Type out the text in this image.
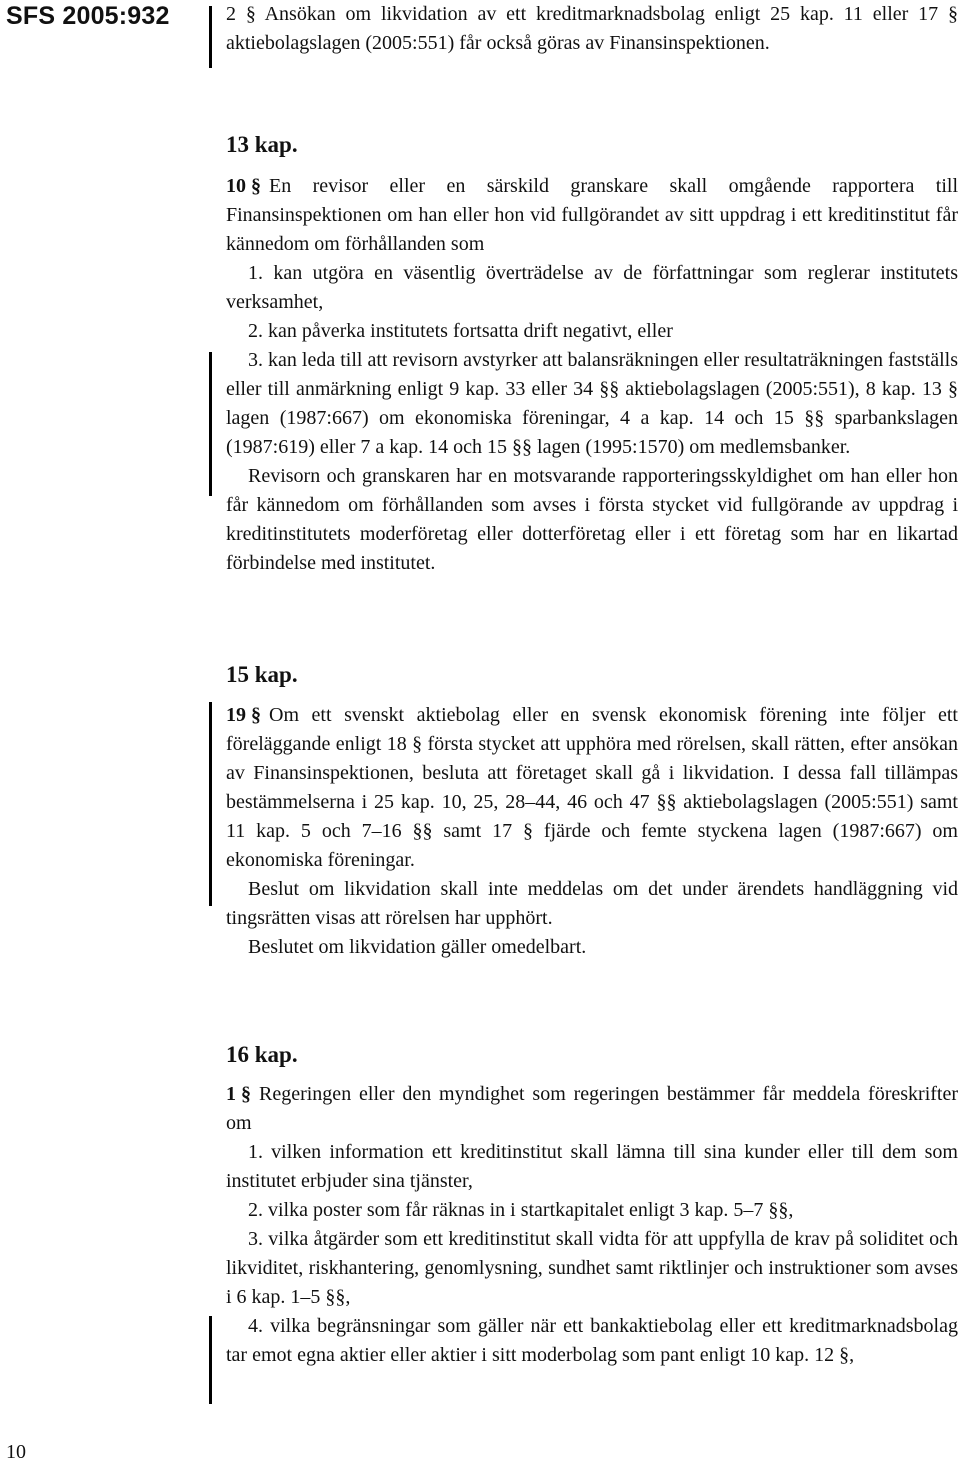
SFS 2005:932
10

2 § Ansökan om likvidation av ett kreditmarknadsbolag enligt 25 kap. 11 eller 17 § aktiebolagslagen (2005:551) får också göras av Finansinspektionen.

13 kap.

10 § En revisor eller en särskild granskare skall omgående rapportera till Finansinspektionen om han eller hon vid fullgörandet av sitt uppdrag i ett kreditinstitut får kännedom om förhållanden som

1. kan utgöra en väsentlig överträdelse av de författningar som reglerar institutets verksamhet,

2. kan påverka institutets fortsatta drift negativt, eller

3. kan leda till att revisorn avstyrker att balansräkningen eller resultaträkningen fastställs eller till anmärkning enligt 9 kap. 33 eller 34 §§ aktiebolagslagen (2005:551), 8 kap. 13 § lagen (1987:667) om ekonomiska föreningar, 4 a kap. 14 och 15 §§ sparbankslagen (1987:619) eller 7 a kap. 14 och 15 §§ lagen (1995:1570) om medlemsbanker.

Revisorn och granskaren har en motsvarande rapporteringsskyldighet om han eller hon får kännedom om förhållanden som avses i första stycket vid fullgörande av uppdrag i kreditinstitutets moderföretag eller dotterföretag eller i ett företag som har en likartad förbindelse med institutet.

15 kap.

19 § Om ett svenskt aktiebolag eller en svensk ekonomisk förening inte följer ett föreläggande enligt 18 § första stycket att upphöra med rörelsen, skall rätten, efter ansökan av Finansinspektionen, besluta att företaget skall gå i likvidation. I dessa fall tillämpas bestämmelserna i 25 kap. 10, 25, 28–44, 46 och 47 §§ aktiebolagslagen (2005:551) samt 11 kap. 5 och 7–16 §§ samt 17 § fjärde och femte styckena lagen (1987:667) om ekonomiska föreningar.

Beslut om likvidation skall inte meddelas om det under ärendets handläggning vid tingsrätten visas att rörelsen har upphört.

Beslutet om likvidation gäller omedelbart.

16 kap.

1 § Regeringen eller den myndighet som regeringen bestämmer får meddela föreskrifter om

1. vilken information ett kreditinstitut skall lämna till sina kunder eller till dem som institutet erbjuder sina tjänster,

2. vilka poster som får räknas in i startkapitalet enligt 3 kap. 5–7 §§,

3. vilka åtgärder som ett kreditinstitut skall vidta för att uppfylla de krav på soliditet och likviditet, riskhantering, genomlysning, sundhet samt riktlinjer och instruktioner som avses i 6 kap. 1–5 §§,

4. vilka begränsningar som gäller när ett bankaktiebolag eller ett kreditmarknadsbolag tar emot egna aktier eller aktier i sitt moderbolag som pant enligt 10 kap. 12 §,
